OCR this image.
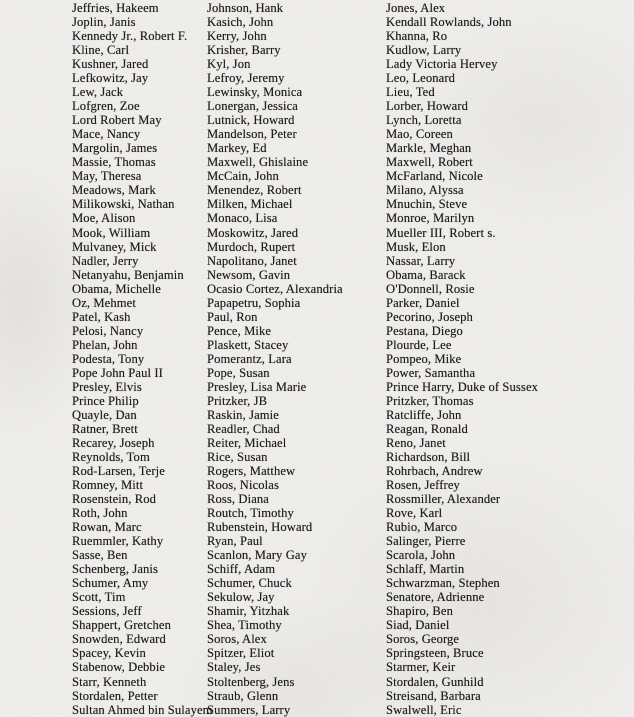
Jeffries, Hakeem
Joplin, Janis
Kennedy Jr., Robert F.
Kline, Carl
Kushner, Jared
Lefkowitz, Jay
Lew, Jack
Lofgren, Zoe
Lord Robert May
Mace, Nancy
Margolin, James
Massie, Thomas
May, Theresa
Meadows, Mark
Milikowski, Nathan
Moe, Alison
Mook, William
Mulvaney, Mick
Nadler, Jerry
Netanyahu, Benjamin
Obama, Michelle
Oz, Mehmet
Patel, Kash
Pelosi, Nancy
Phelan, John
Podesta, Tony
Pope John Paul II
Presley, Elvis
Prince Philip
Quayle, Dan
Ratner, Brett
Recarey, Joseph
Reynolds, Tom
Rod-Larsen, Terje
Romney, Mitt
Rosenstein, Rod
Roth, John
Rowan, Marc
Ruemmler, Kathy
Sasse, Ben
Schenberg, Janis
Schumer, Amy
Scott, Tim
Sessions, Jeff
Shappert, Gretchen
Snowden, Edward
Spacey, Kevin
Stabenow, Debbie
Starr, Kenneth
Stordalen, Petter
Sultan Ahmed bin Sulayem
Johnson, Hank
Kasich, John
Kerry, John
Krisher, Barry
Kyl, Jon
Lefroy, Jeremy
Lewinsky, Monica
Lonergan, Jessica
Lutnick, Howard
Mandelson, Peter
Markey, Ed
Maxwell, Ghislaine
McCain, John
Menendez, Robert
Milken, Michael
Monaco, Lisa
Moskowitz, Jared
Murdoch, Rupert
Napolitano, Janet
Newsom, Gavin
Ocasio Cortez, Alexandria
Papapetru, Sophia
Paul, Ron
Pence, Mike
Plaskett, Stacey
Pomerantz, Lara
Pope, Susan
Presley, Lisa Marie
Pritzker, JB
Raskin, Jamie
Readler, Chad
Reiter, Michael
Rice, Susan
Rogers, Matthew
Roos, Nicolas
Ross, Diana
Routch, Timothy
Rubenstein, Howard
Ryan, Paul
Scanlon, Mary Gay
Schiff, Adam
Schumer, Chuck
Sekulow, Jay
Shamir, Yitzhak
Shea, Timothy
Soros, Alex
Spitzer, Eliot
Staley, Jes
Stoltenberg, Jens
Straub, Glenn
Summers, Larry
Jones, Alex
Kendall Rowlands, John
Khanna, Ro
Kudlow, Larry
Lady Victoria Hervey
Leo, Leonard
Lieu, Ted
Lorber, Howard
Lynch, Loretta
Mao, Coreen
Markle, Meghan
Maxwell, Robert
McFarland, Nicole
Milano, Alyssa
Mnuchin, Steve
Monroe, Marilyn
Mueller III, Robert s.
Musk, Elon
Nassar, Larry
Obama, Barack
O'Donnell, Rosie
Parker, Daniel
Pecorino, Joseph
Pestana, Diego
Plourde, Lee
Pompeo, Mike
Power, Samantha
Prince Harry, Duke of Sussex
Pritzker, Thomas
Ratcliffe, John
Reagan, Ronald
Reno, Janet
Richardson, Bill
Rohrbach, Andrew
Rosen, Jeffrey
Rossmiller, Alexander
Rove, Karl
Rubio, Marco
Salinger, Pierre
Scarola, John
Schlaff, Martin
Schwarzman, Stephen
Senatore, Adrienne
Shapiro, Ben
Siad, Daniel
Soros, George
Springsteen, Bruce
Starmer, Keir
Stordalen, Gunhild
Streisand, Barbara
Swalwell, Eric
